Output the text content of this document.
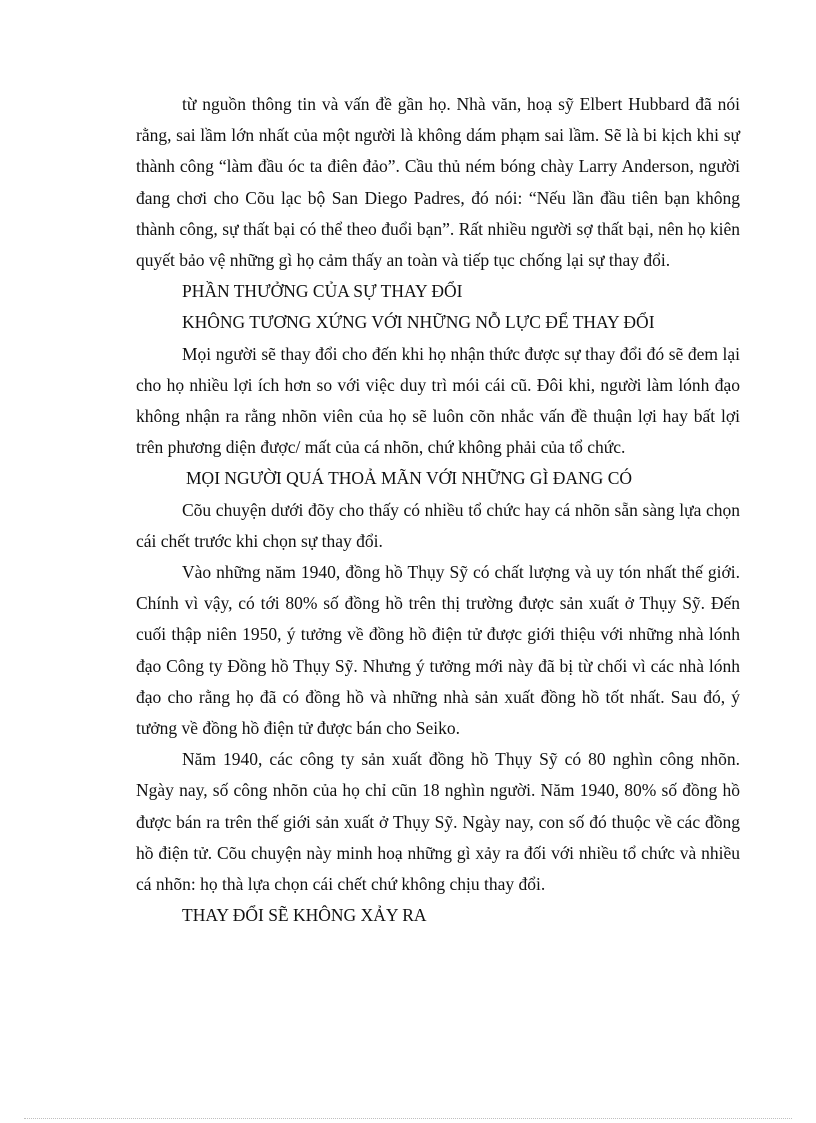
từ nguồn thông tin và vấn đề gần họ. Nhà văn, hoạ sỹ Elbert Hubbard đã nói rằng, sai lầm lớn nhất của một người là không dám phạm sai lầm. Sẽ là bi kịch khi sự thành công “làm đầu óc ta điên đảo”. Cầu thủ ném bóng chày Larry Anderson, người đang chơi cho Cõu lạc bộ San Diego Padres, đó nói: “Nếu lần đầu tiên bạn không thành công, sự thất bại có thể theo đuổi bạn”. Rất nhiều người sợ thất bại, nên họ kiên quyết bảo vệ những gì họ cảm thấy an toàn và tiếp tục chống lại sự thay đổi.

PHẦN THƯỞNG CỦA SỰ THAY ĐỔI

KHÔNG TƯƠNG XỨNG VỚI NHỮNG NỖ LỰC ĐỂ THAY ĐỔI

Mọi người sẽ thay đổi cho đến khi họ nhận thức được sự thay đổi đó sẽ đem lại cho họ nhiều lợi ích hơn so với việc duy trì mói cái cũ. Đôi khi, người làm lónh đạo không nhận ra rằng nhõn viên của họ sẽ luôn cõn nhắc vấn đề thuận lợi hay bất lợi trên phương diện được/ mất của cá nhõn, chứ không phải của tổ chức.

MỌI NGƯỜI QUÁ THOẢ MÃN VỚI NHỮNG GÌ ĐANG CÓ

Cõu chuyện dưới đõy cho thấy có nhiều tổ chức hay cá nhõn sẵn sàng lựa chọn cái chết trước khi chọn sự thay đổi.

Vào những năm 1940, đồng hồ Thụy Sỹ có chất lượng và uy tón nhất thế giới. Chính vì vậy, có tới 80% số đồng hồ trên thị trường được sản xuất ở Thụy Sỹ. Đến cuối thập niên 1950, ý tưởng về đồng hồ điện tử được giới thiệu với những nhà lónh đạo Công ty Đồng hồ Thụy Sỹ. Nhưng ý tưởng mới này đã bị từ chối vì các nhà lónh đạo cho rằng họ đã có đồng hồ và những nhà sản xuất đồng hồ tốt nhất. Sau đó, ý tưởng về đồng hồ điện tử được bán cho Seiko.

Năm 1940, các công ty sản xuất đồng hồ Thụy Sỹ có 80 nghìn công nhõn. Ngày nay, số công nhõn của họ chỉ cũn 18 nghìn người. Năm 1940, 80% số đồng hồ được bán ra trên thế giới sản xuất ở Thụy Sỹ. Ngày nay, con số đó thuộc về các đồng hồ điện tử. Cõu chuyện này minh hoạ những gì xảy ra đối với nhiều tổ chức và nhiều cá nhõn: họ thà lựa chọn cái chết chứ không chịu thay đổi.

THAY ĐỔI SẼ KHÔNG XẢY RA
